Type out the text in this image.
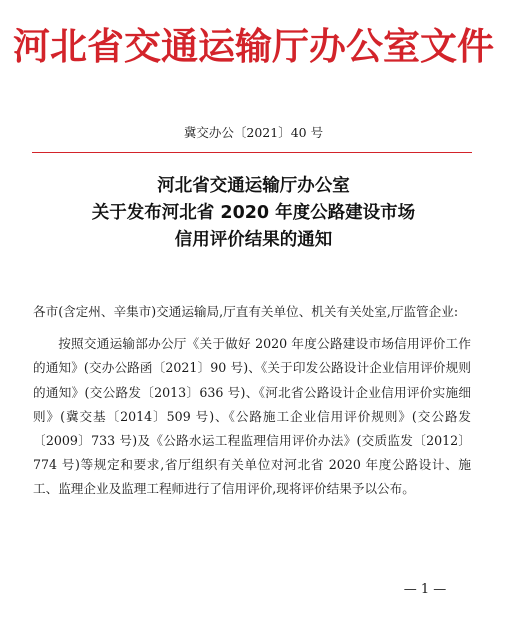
河北省交通运输厅办公室文件
冀交办公〔2021〕40 号
河北省交通运输厅办公室
关于发布河北省 2020 年度公路建设市场
信用评价结果的通知

各市(含定州、辛集市)交通运输局,厅直有关单位、机关有关处室,厅监管企业:

按照交通运输部办公厅《关于做好 2020 年度公路建设市场信用评价工作的通知》(交办公路函〔2021〕90 号)、《关于印发公路设计企业信用评价规则的通知》(交公路发〔2013〕636 号)、《河北省公路设计企业信用评价实施细则》(冀交基〔2014〕509 号)、《公路施工企业信用评价规则》(交公路发〔2009〕733 号)及《公路水运工程监理信用评价办法》(交质监发〔2012〕774 号)等规定和要求,省厅组织有关单位对河北省 2020 年度公路设计、施工、监理企业及监理工程师进行了信用评价,现将评价结果予以公布。

— 1 —
